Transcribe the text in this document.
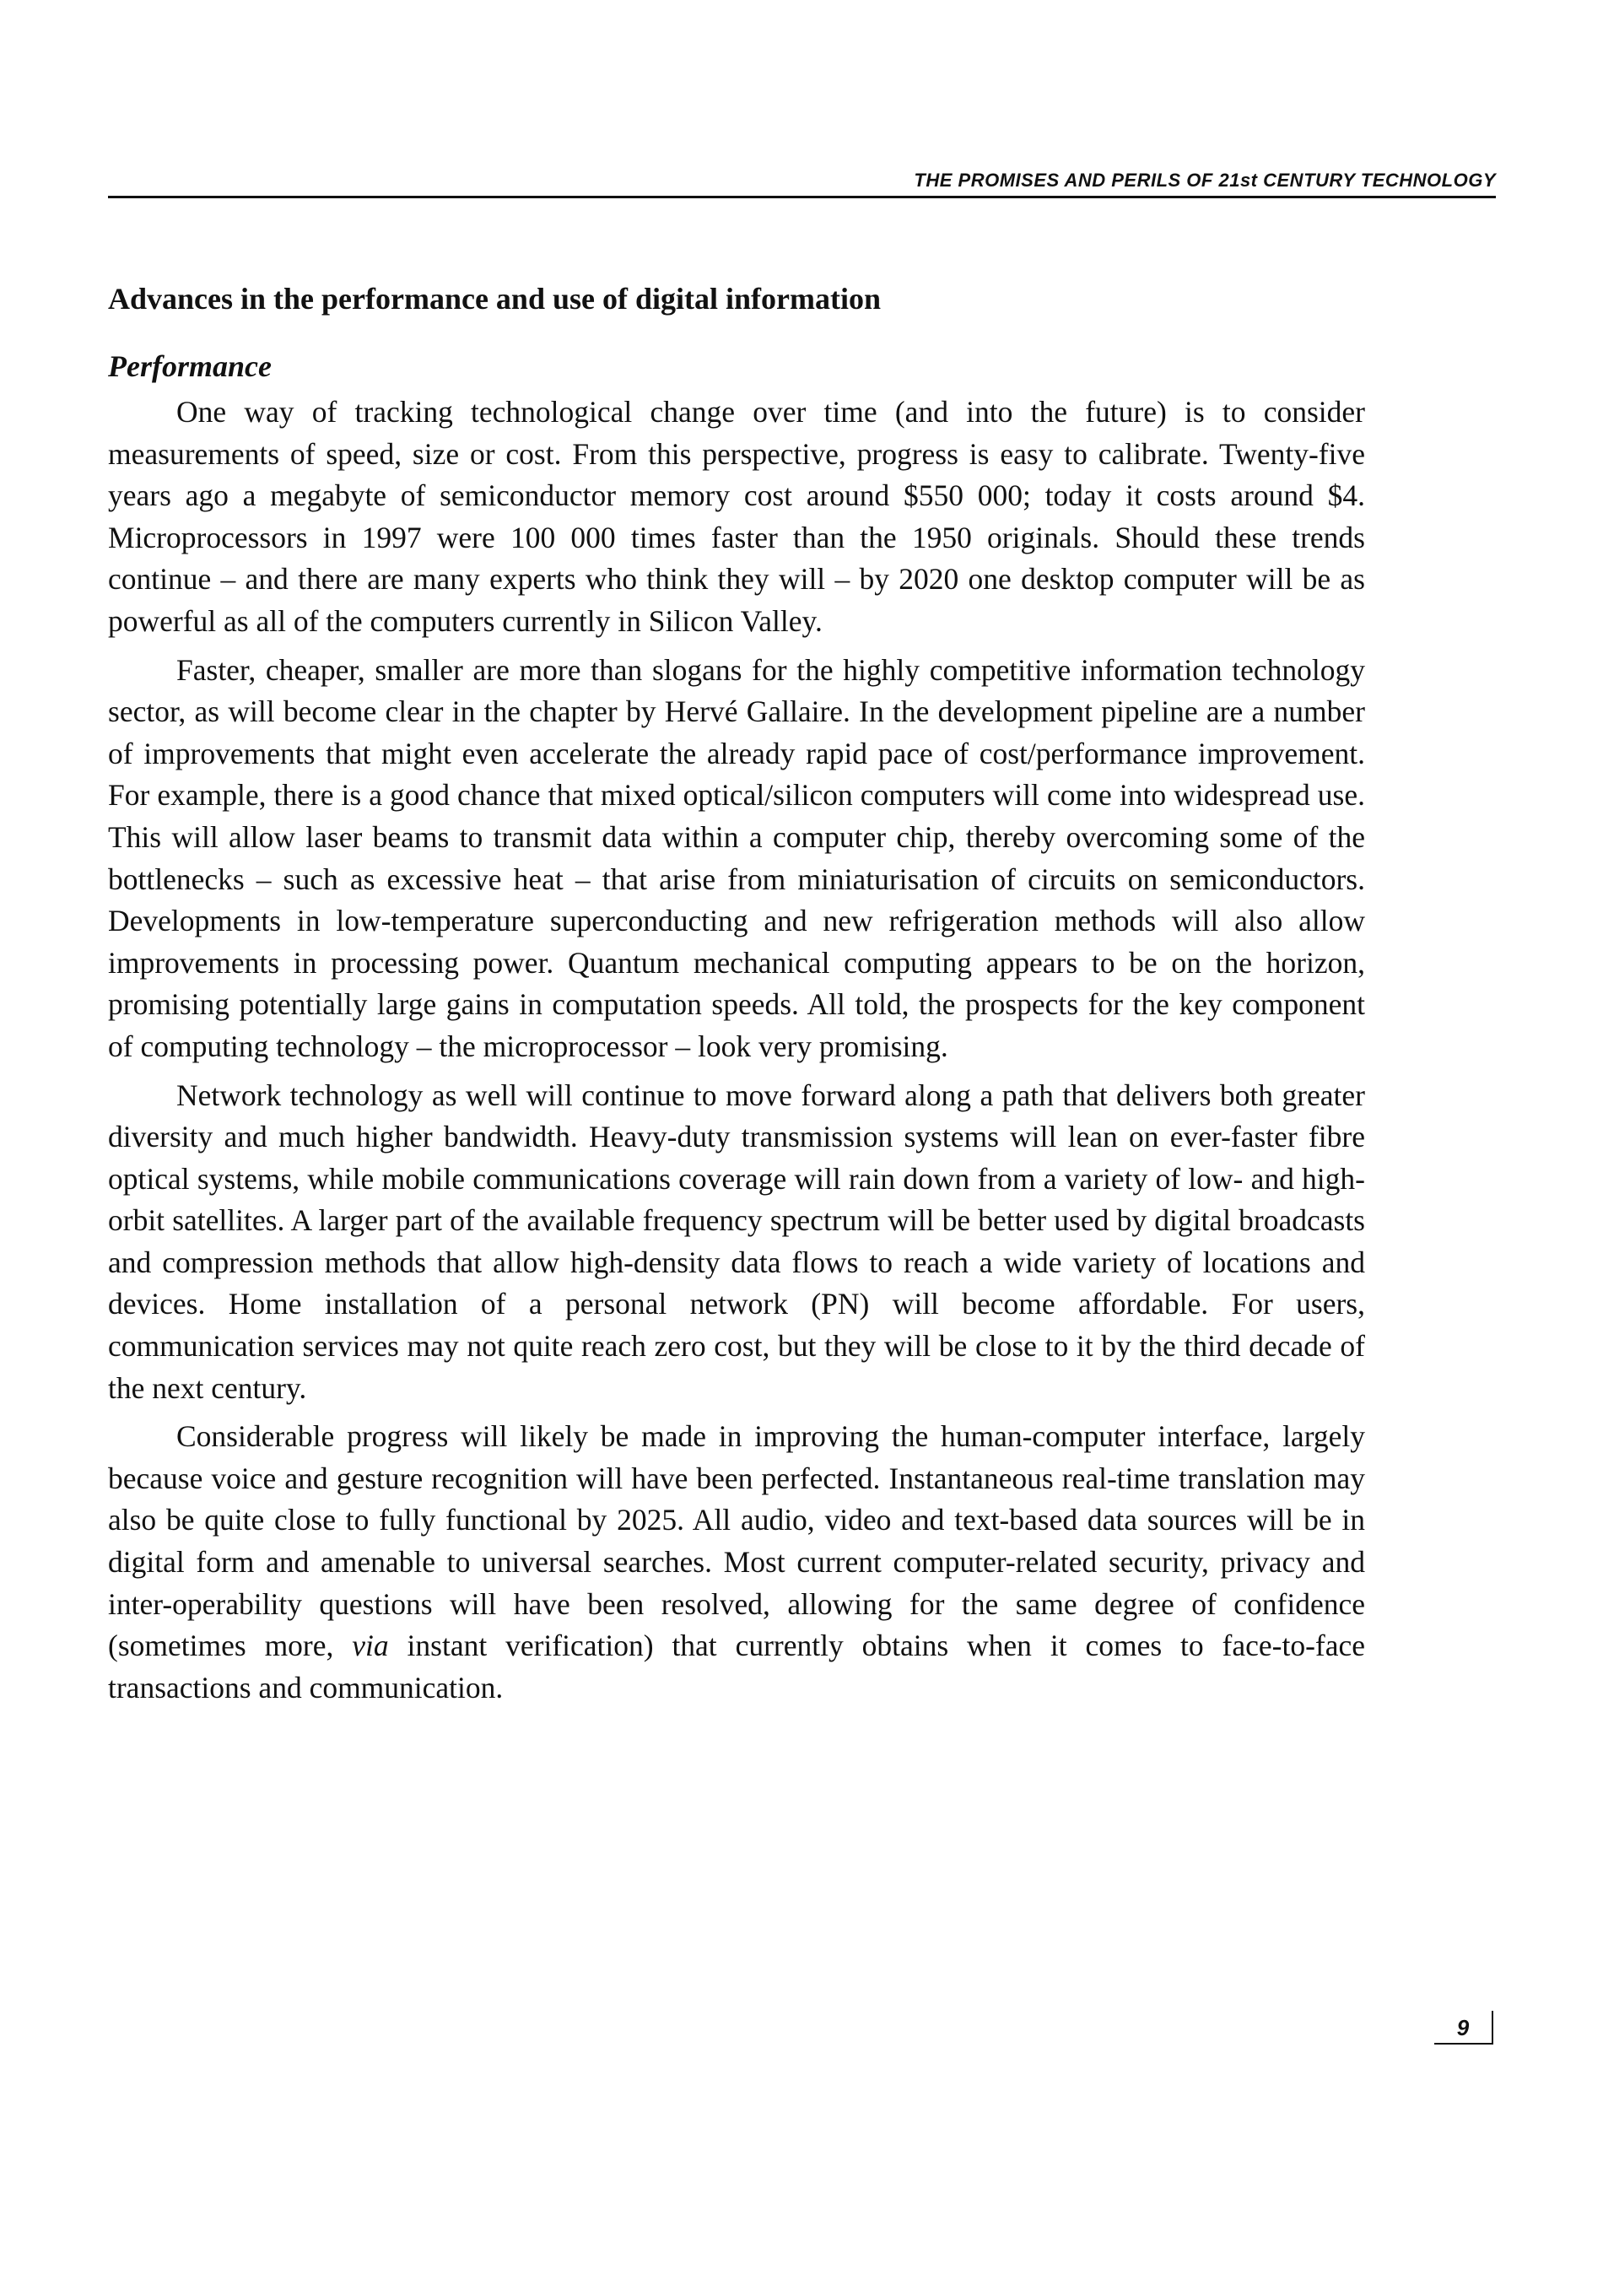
THE PROMISES AND PERILS OF 21st CENTURY TECHNOLOGY
Advances in the performance and use of digital information
Performance

One way of tracking technological change over time (and into the future) is to consider measurements of speed, size or cost. From this perspective, progress is easy to calibrate. Twenty-five years ago a megabyte of semiconductor memory cost around $550 000; today it costs around $4. Microprocessors in 1997 were 100 000 times faster than the 1950 originals. Should these trends continue – and there are many experts who think they will – by 2020 one desktop computer will be as powerful as all of the computers currently in Silicon Valley.

Faster, cheaper, smaller are more than slogans for the highly competitive information technology sector, as will become clear in the chapter by Hervé Gallaire. In the development pipeline are a number of improvements that might even accelerate the already rapid pace of cost/performance improvement. For example, there is a good chance that mixed optical/silicon computers will come into widespread use. This will allow laser beams to transmit data within a computer chip, thereby overcoming some of the bottlenecks – such as excessive heat – that arise from miniaturisation of circuits on semiconductors. Developments in low-temperature superconducting and new refrigeration methods will also allow improvements in processing power. Quantum mechanical computing appears to be on the horizon, promising potentially large gains in computation speeds. All told, the prospects for the key component of computing technology – the microprocessor – look very promising.

Network technology as well will continue to move forward along a path that delivers both greater diversity and much higher bandwidth. Heavy-duty transmission systems will lean on ever-faster fibre optical systems, while mobile communications coverage will rain down from a variety of low- and high-orbit satellites. A larger part of the available frequency spectrum will be better used by digital broadcasts and compression methods that allow high-density data flows to reach a wide variety of locations and devices. Home installation of a personal network (PN) will become affordable. For users, communication services may not quite reach zero cost, but they will be close to it by the third decade of the next century.

Considerable progress will likely be made in improving the human-computer interface, largely because voice and gesture recognition will have been perfected. Instantaneous real-time translation may also be quite close to fully functional by 2025. All audio, video and text-based data sources will be in digital form and amenable to universal searches. Most current computer-related security, privacy and inter-operability questions will have been resolved, allowing for the same degree of confidence (sometimes more, via instant verification) that currently obtains when it comes to face-to-face transactions and communication.

9
